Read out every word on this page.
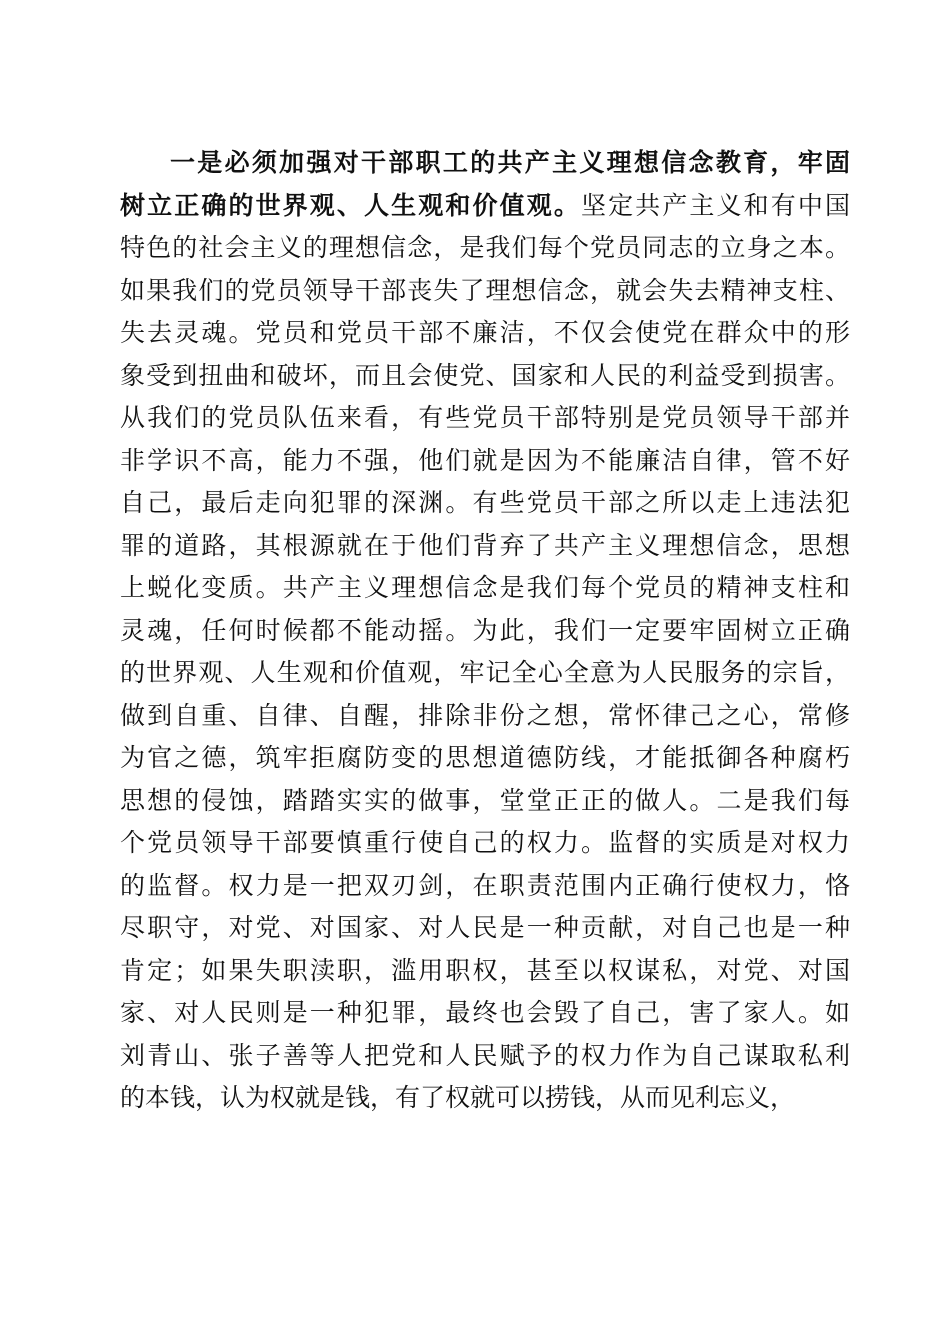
一是必须加强对干部职工的共产主义理想信念教育，牢固
树立正确的世界观、人生观和价值观。坚定共产主义和有中国
特色的社会主义的理想信念，是我们每个党员同志的立身之本。
如果我们的党员领导干部丧失了理想信念，就会失去精神支柱、
失去灵魂。党员和党员干部不廉洁，不仅会使党在群众中的形
象受到扭曲和破坏，而且会使党、国家和人民的利益受到损害。
从我们的党员队伍来看，有些党员干部特别是党员领导干部并
非学识不高，能力不强，他们就是因为不能廉洁自律，管不好
自己，最后走向犯罪的深渊。有些党员干部之所以走上违法犯
罪的道路，其根源就在于他们背弃了共产主义理想信念，思想
上蜕化变质。共产主义理想信念是我们每个党员的精神支柱和
灵魂，任何时候都不能动摇。为此，我们一定要牢固树立正确
的世界观、人生观和价值观，牢记全心全意为人民服务的宗旨，
做到自重、自律、自醒，排除非份之想，常怀律己之心，常修
为官之德，筑牢拒腐防变的思想道德防线，才能抵御各种腐朽
思想的侵蚀，踏踏实实的做事，堂堂正正的做人。二是我们每
个党员领导干部要慎重行使自己的权力。监督的实质是对权力
的监督。权力是一把双刃剑，在职责范围内正确行使权力，恪
尽职守，对党、对国家、对人民是一种贡献，对自己也是一种
肯定；如果失职渎职，滥用职权，甚至以权谋私，对党、对国
家、对人民则是一种犯罪，最终也会毁了自己，害了家人。如
刘青山、张子善等人把党和人民赋予的权力作为自己谋取私利
的本钱，认为权就是钱，有了权就可以捞钱，从而见利忘义，
